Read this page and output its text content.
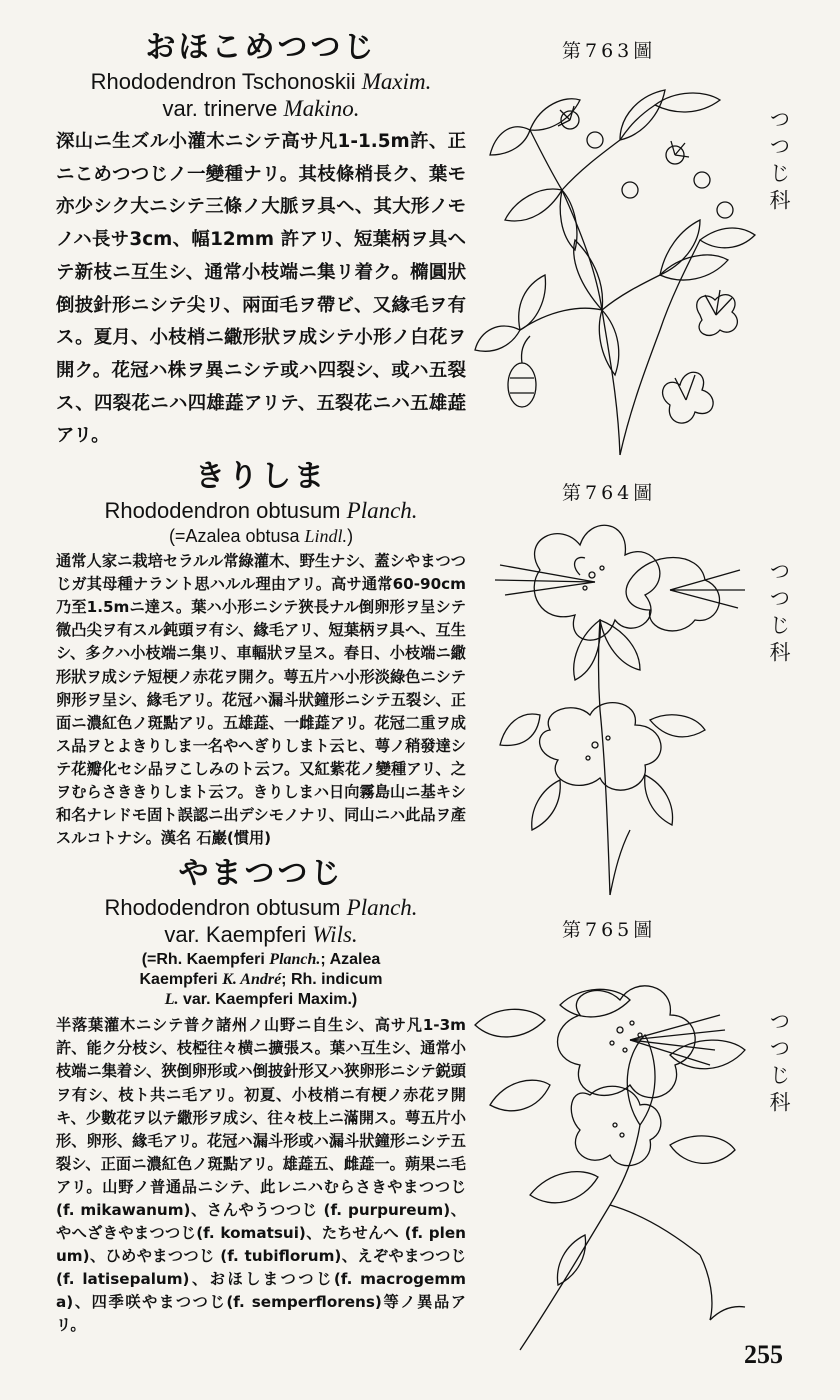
おほこめつつじ

Rhododendron Tschonoskii Maxim.

var. trinerve Makino.

深山ニ生ズル小灌木ニシテ高サ凡1-1.5m許、正ニこめつつじノ一變種ナリ。其枝條梢長ク、葉モ亦少シク大ニシテ三條ノ大脈ヲ具ヘ、其大形ノモノハ長サ3cm、幅12mm 許アリ、短葉柄ヲ具ヘテ新枝ニ互生シ、通常小枝端ニ集リ着ク。橢圓狀倒披針形ニシテ尖リ、兩面毛ヲ帶ビ、又緣毛ヲ有ス。夏月、小枝梢ニ繖形狀ヲ成シテ小形ノ白花ヲ開ク。花冠ハ株ヲ異ニシテ或ハ四裂シ、或ハ五裂ス、四裂花ニハ四雄蕋アリテ、五裂花ニハ五雄蕋アリ。

きりしま

Rhododendron obtusum Planch.

(=Azalea obtusa Lindl.)

通常人家ニ栽培セラルル常綠灌木、野生ナシ、蓋シやまつつじガ其母種ナラント思ハルル理由アリ。高サ通常60-90cm 乃至1.5mニ達ス。葉ハ小形ニシテ狹長ナル倒卵形ヲ呈シテ微凸尖ヲ有スル鈍頭ヲ有シ、緣毛アリ、短葉柄ヲ具ヘ、互生シ、多クハ小枝端ニ集リ、車輻狀ヲ呈ス。春日、小枝端ニ繖形狀ヲ成シテ短梗ノ赤花ヲ開ク。萼五片ハ小形淡綠色ニシテ卵形ヲ呈シ、緣毛アリ。花冠ハ漏斗狀鐘形ニシテ五裂シ、正面ニ濃紅色ノ斑點アリ。五雄蕋、一雌蕋アリ。花冠二重ヲ成ス品ヲとよきりしま一名やへぎりしまト云ヒ、萼ノ稍發達シテ花瓣化セシ品ヲこしみのト云フ。又紅紫花ノ變種アリ、之ヲむらさききりしまト云フ。きりしまハ日向霧島山ニ基キシ和名ナレドモ固ト誤認ニ出デシモノナリ、同山ニハ此品ヲ產スルコトナシ。漢名 石巖(慣用)

やまつつじ

Rhododendron obtusum Planch.

var. Kaempferi Wils.

(=Rh. Kaempferi Planch.; Azalea

Kaempferi K. André; Rh. indicum

L. var. Kaempferi Maxim.)

半落葉灌木ニシテ普ク諸州ノ山野ニ自生シ、高サ凡1-3m 許、能ク分枝シ、枝椏往々横ニ擴張ス。葉ハ互生シ、通常小枝端ニ集着シ、狹倒卵形或ハ倒披針形又ハ狹卵形ニシテ鋭頭ヲ有シ、枝ト共ニ毛アリ。初夏、小枝梢ニ有梗ノ赤花ヲ開キ、少數花ヲ以テ繖形ヲ成シ、往々枝上ニ滿開ス。萼五片小形、卵形、緣毛アリ。花冠ハ漏斗形或ハ漏斗狀鐘形ニシテ五裂シ、正面ニ濃紅色ノ斑點アリ。雄蕋五、雌蕋一。蒴果ニ毛アリ。山野ノ普通品ニシテ、此レニハむらさきやまつつじ (f. mikawanum)、さんやうつつじ (f. purpureum)、やへざきやまつつじ(f. komatsui)、たちせんへ (f. plenum)、ひめやまつつじ (f. tubiflorum)、えぞやまつつじ(f. latisepalum)、おほしまつつじ(f. macrogemma)、四季咲やまつつじ(f. semperflorens)等ノ異品アリ。

第763圖
第764圖
第765圖
つつじ科
つつじ科
つつじ科
255
